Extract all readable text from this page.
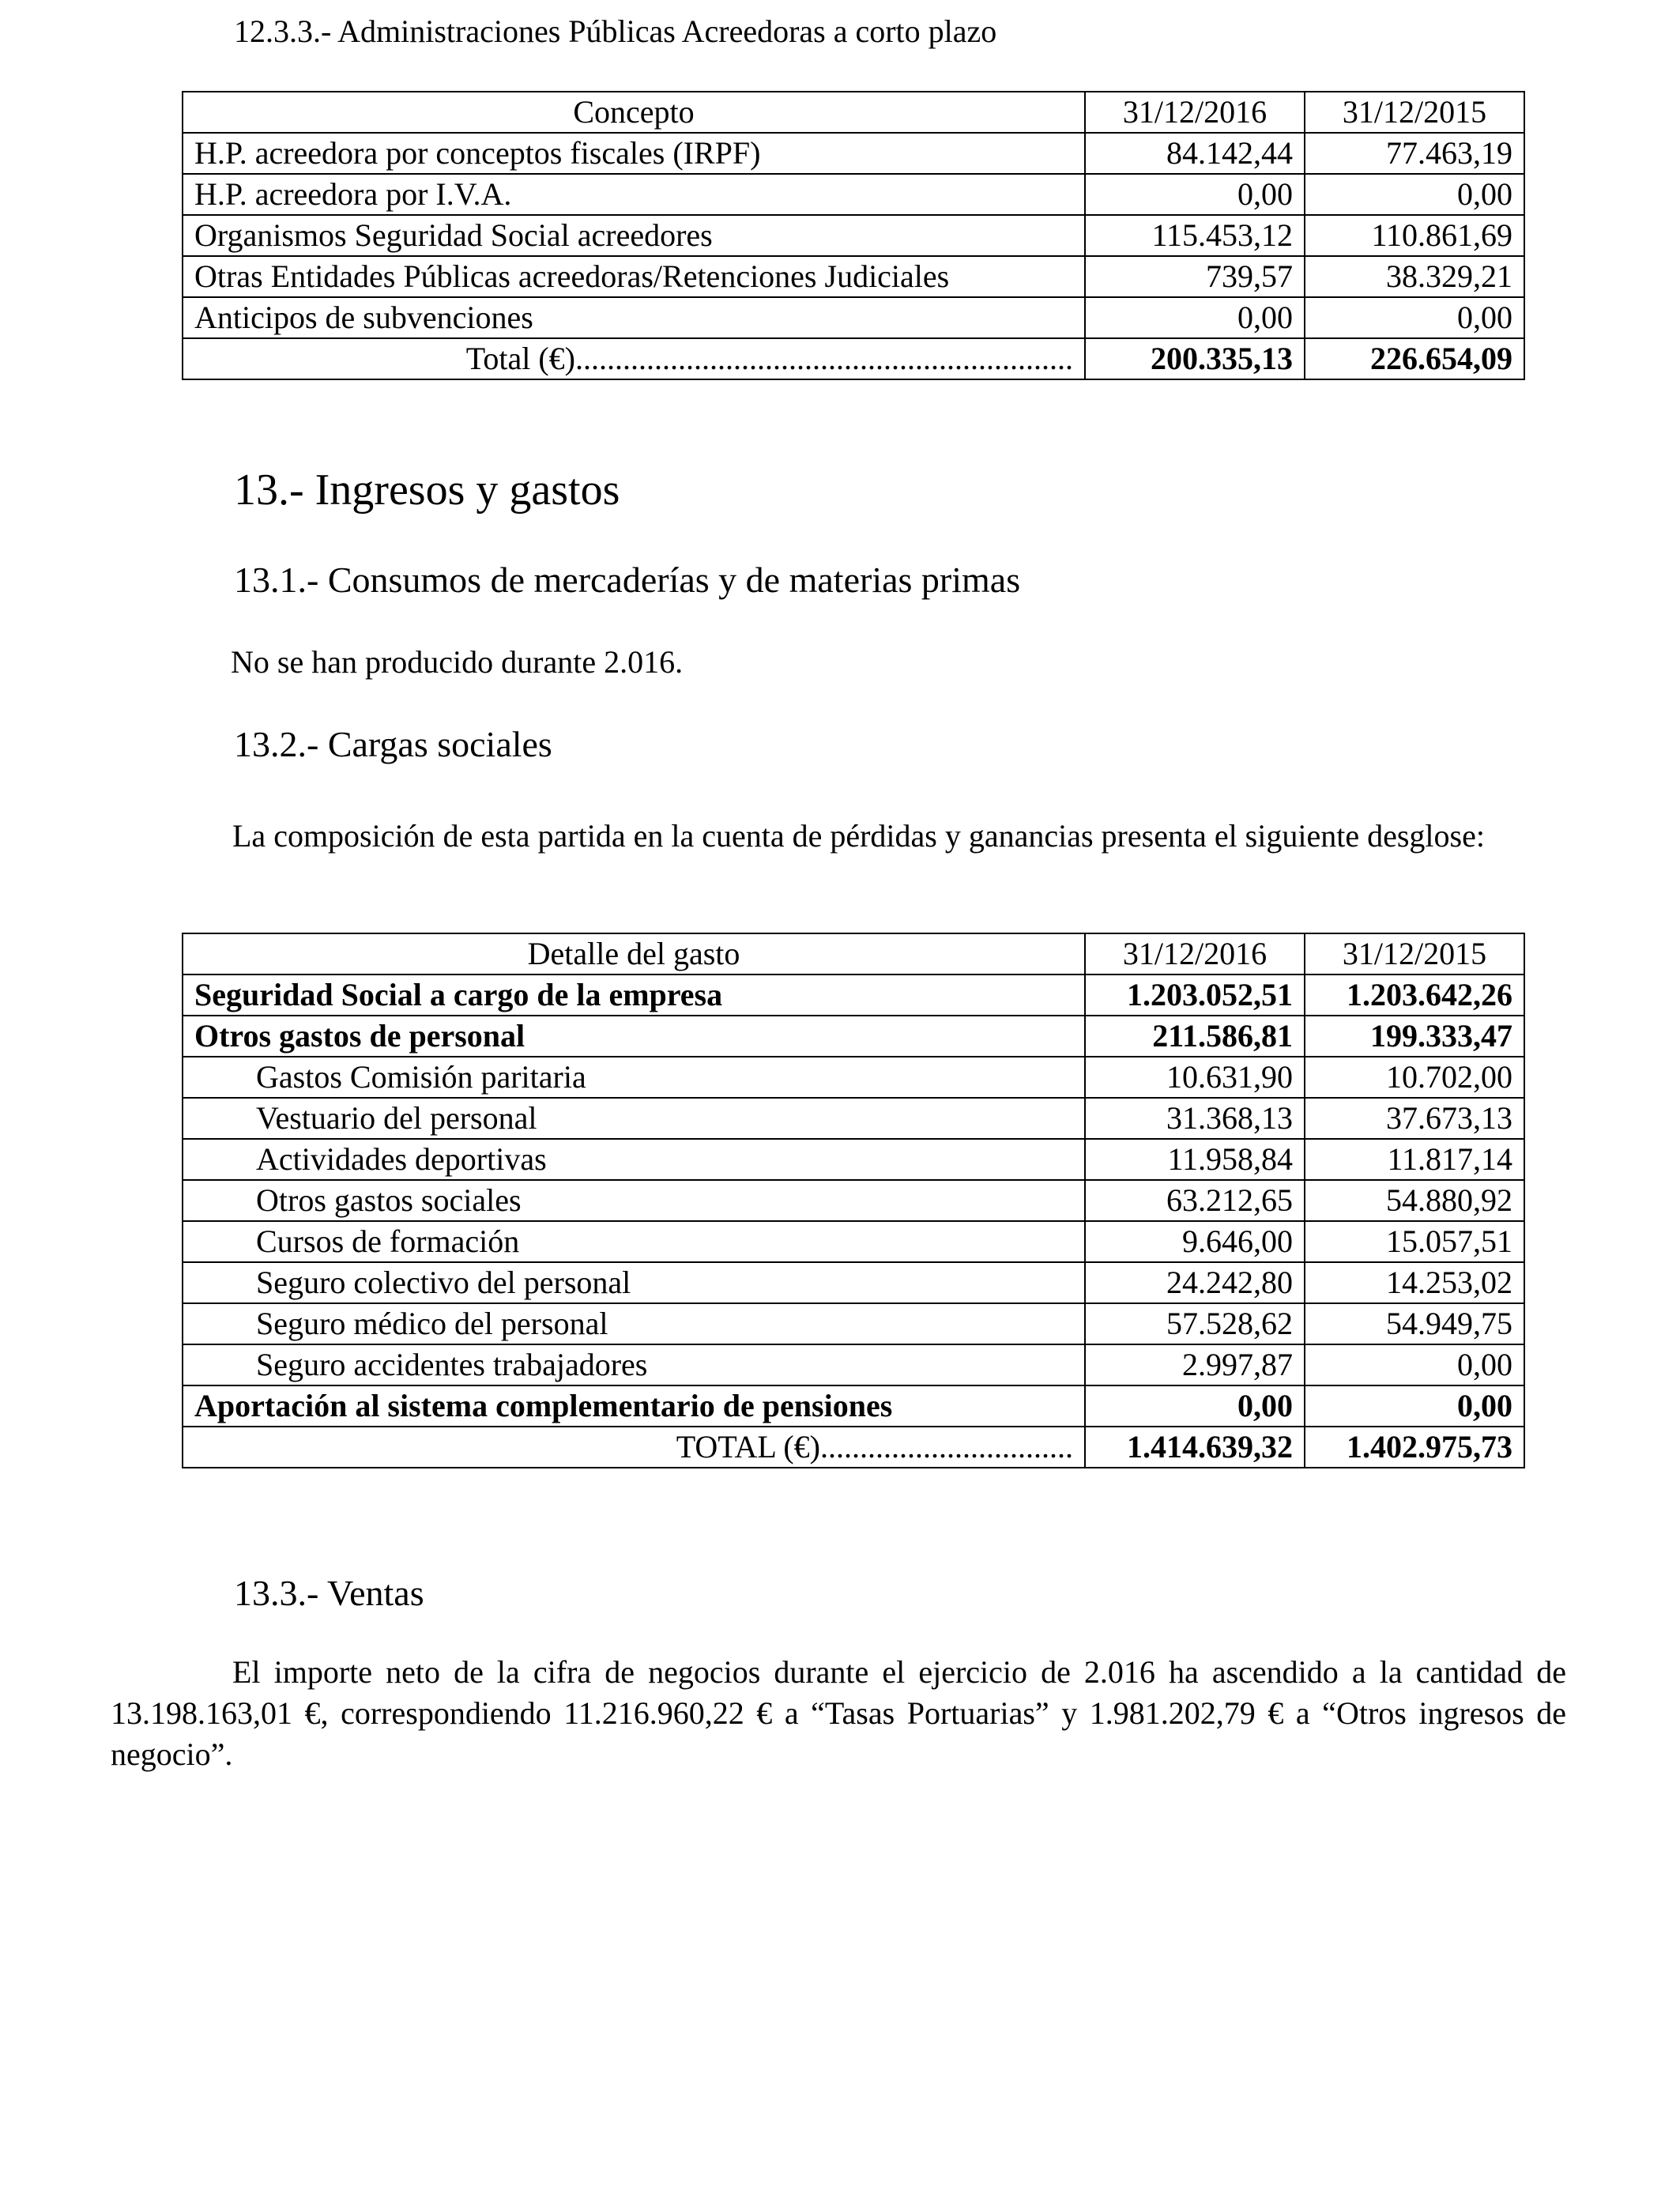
12.3.3.- Administraciones Públicas Acreedoras a corto plazo
Concepto	31/12/2016	31/12/2015
H.P. acreedora por conceptos fiscales (IRPF)	84.142,44	77.463,19
H.P. acreedora por I.V.A.	0,00	0,00
Organismos Seguridad Social acreedores	115.453,12	110.861,69
Otras Entidades Públicas acreedoras/Retenciones Judiciales	739,57	38.329,21
Anticipos de subvenciones	0,00	0,00
Total (€)...............................................................	200.335,13	226.654,09
13.- Ingresos y gastos
13.1.- Consumos de mercaderías y de materias primas
No se han producido durante 2.016.
13.2.- Cargas sociales
La composición de esta partida en la cuenta de pérdidas y ganancias presenta el siguiente desglose:
Detalle del gasto	31/12/2016	31/12/2015
Seguridad Social a cargo de la empresa	1.203.052,51	1.203.642,26
Otros gastos de personal	211.586,81	199.333,47
Gastos Comisión paritaria	10.631,90	10.702,00
Vestuario del personal	31.368,13	37.673,13
Actividades deportivas	11.958,84	11.817,14
Otros gastos sociales	63.212,65	54.880,92
Cursos de formación	9.646,00	15.057,51
Seguro colectivo del personal	24.242,80	14.253,02
Seguro médico del personal	57.528,62	54.949,75
Seguro accidentes trabajadores	2.997,87	0,00
Aportación al sistema complementario de pensiones	0,00	0,00
TOTAL (€)................................	1.414.639,32	1.402.975,73
13.3.- Ventas
El importe neto de la cifra de negocios durante el ejercicio de 2.016 ha ascendido a la cantidad de 13.198.163,01 €, correspondiendo 11.216.960,22 € a “Tasas Portuarias” y 1.981.202,79 € a “Otros ingresos de negocio”.
